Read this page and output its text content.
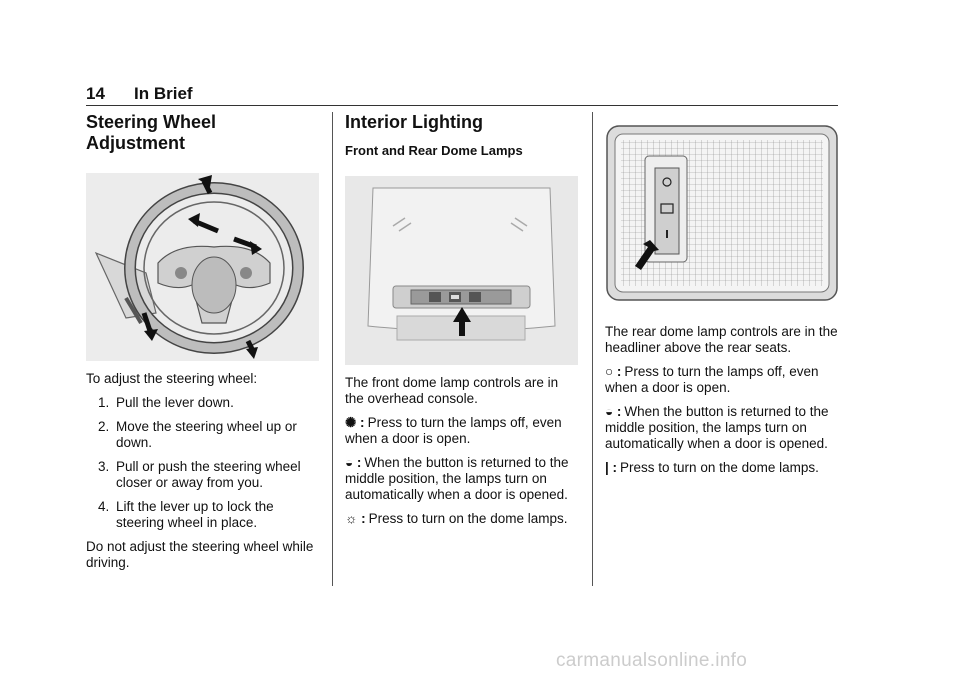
14 In Brief
Steering Wheel
Adjustment

To adjust the steering wheel:

1. Pull the lever down.
2. Move the steering wheel up or down.
3. Pull or push the steering wheel closer or away from you.
4. Lift the lever up to lock the steering wheel in place.

Do not adjust the steering wheel while driving.

Interior Lighting
Front and Rear Dome Lamps

The front dome lamp controls are in the overhead console.

✺ : Press to turn the lamps off, even when a door is open.

◒ : When the button is returned to the middle position, the lamps turn on automatically when a door is opened.

☼ : Press to turn on the dome lamps.

The rear dome lamp controls are in the headliner above the rear seats.

○ : Press to turn the lamps off, even when a door is open.

◒ : When the button is returned to the middle position, the lamps turn on automatically when a door is opened.

| : Press to turn on the dome lamps.

carmanualsonline.info
